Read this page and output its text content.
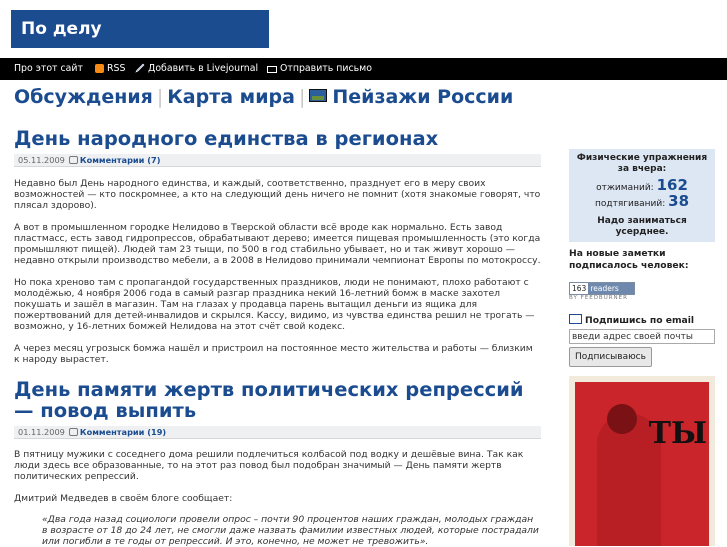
По делу
Про этот сайт	RSS	Добавить в Livejournal	Отправить письмо
Обсуждения | Карта мира | Пейзажи России
День народного единства в регионах
05.11.2009 Комментарии (7)

Недавно был День народного единства, и каждый, соответственно, празднует его в меру своих возможностей — кто поскромнее, а кто на следующий день ничего не помнит (хотя знакомые говорят, что плясал здорово).

А вот в промышленном городке Нелидово в Тверской области всё вроде как нормально. Есть завод пластмасс, есть завод гидропрессов, обрабатывают дерево; имеется пищевая промышленность (это когда промышляют пищей). Людей там 23 тыщи, по 500 в год стабильно убывает, но и так живут хорошо — недавно открыли производство мебели, а в 2008 в Нелидово принимали чемпионат Европы по мотокроссу.

Но пока хреново там с пропагандой государственных праздников, люди не понимают, плохо работают с молодёжью, 4 ноября 2006 года в самый разгар праздника некий 16-летний бомж в маске захотел покушать и зашёл в магазин. Там на глазах у продавца парень вытащил деньги из ящика для пожертвований для детей-инвалидов и скрылся. Кассу, видимо, из чувства единства решил не трогать — возможно, у 16-летних бомжей Нелидова на этот счёт свой кодекс.

А через месяц угрозыск бомжа нашёл и пристроил на постоянное место жительства и работы — близким к народу вырастет.

День памяти жертв политических репрессий — повод выпить
01.11.2009 Комментарии (19)

В пятницу мужики с соседнего дома решили подлечиться колбасой под водку и дешёвые вина. Так как люди здесь все образованные, то на этот раз повод был подобран значимый — День памяти жертв политических репрессий.

Дмитрий Медведев в своём блоге сообщает:

«Два года назад социологи провели опрос – почти 90 процентов наших граждан, молодых граждан в возрасте от 18 до 24 лет, не смогли даже назвать фамилии известных людей, которые пострадали или погибли в те годы от репрессий. И это, конечно, не может не тревожить».
Физические упражнения за вчера:
отжиманий: 162
подтягиваний: 38
Надо заниматься усерднее.
На новые заметки подписалось человек:
163 readers
BY FEEDBURNER
Подпишись по email
введи адрес своей почты Подписываюсь
ТЫ
